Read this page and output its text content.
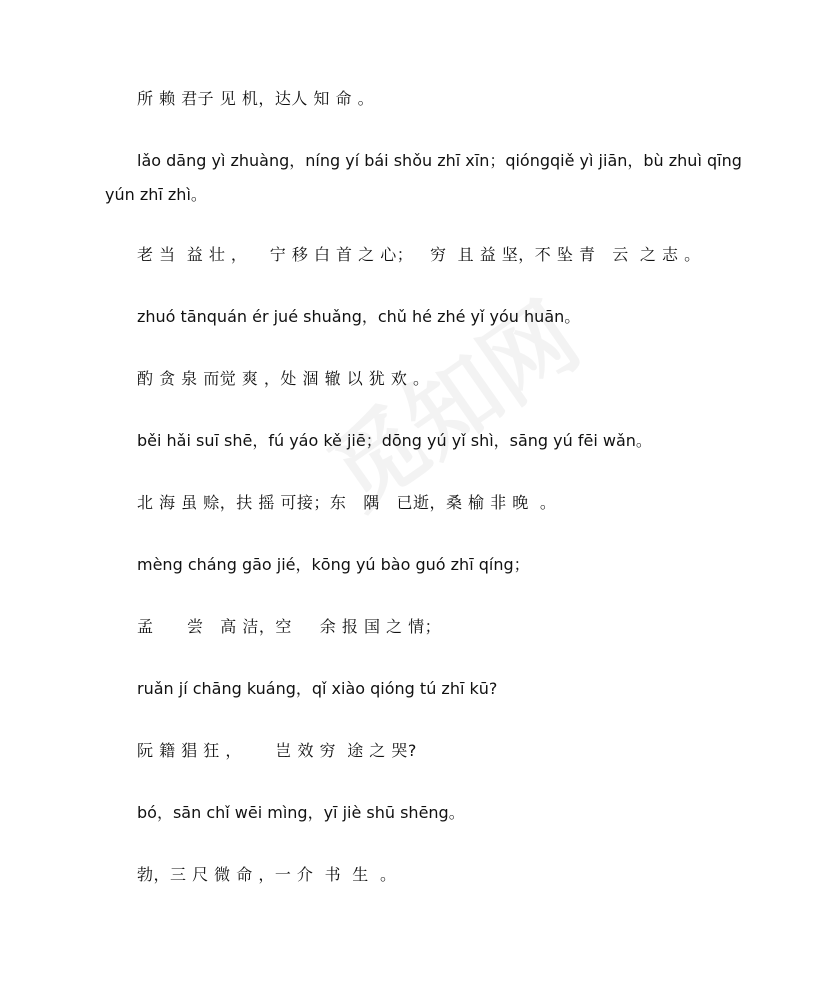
所 赖 君子 见 机，达人 知 命 。
lǎo dāng yì zhuàng，níng yí bái shǒu zhī xīn；qióngqiě yì jiān，bù zhuì qīng yún zhī zhì。
老 当  益 壮 ，    宁 移 白 首 之 心；   穷  且 益 坚，不 坠 青   云  之 志 。
zhuó tānquán ér jué shuǎng，chǔ hé zhé yǐ yóu huān。
酌 贪 泉 而觉 爽 ，处 涸 辙 以 犹 欢 。
běi hǎi suī shē，fú yáo kě jiē；dōng yú yǐ shì，sāng yú fēi wǎn。
北 海 虽 赊，扶 摇 可接；东   隅   已逝，桑 榆 非 晚  。
mèng cháng gāo jié，kōng yú bào guó zhī qíng；
孟      尝   高 洁，空     余 报 国 之 情；
ruǎn jí chāng kuáng，qǐ xiào qióng tú zhī kū?
阮 籍 猖 狂 ，      岂 效 穷  途 之 哭?
bó，sān chǐ wēi mìng，yī jiè shū shēng。
勃，三 尺 微 命 ，一 介  书  生  。
